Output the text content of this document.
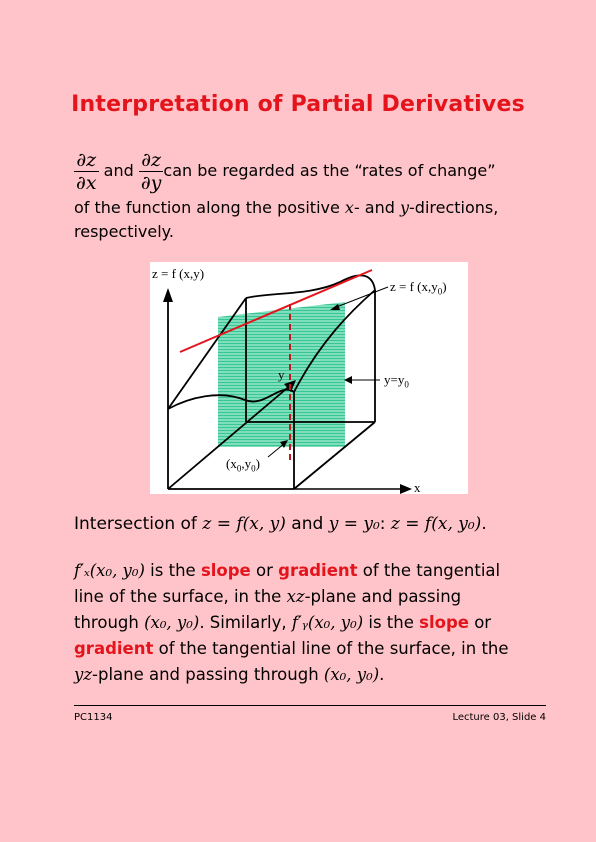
Interpretation of Partial Derivatives
$\frac{\partial z}{\partial x}$ and $\frac{\partial z}{\partial y}$ can be regarded as the “rates of change”
of the function along the positive x- and y-directions,
respectively.
z = f (x,y)
z = f $(x,y_0)$
y	$y=y_0$
$(x_0,y_0)$
x
Intersection of z = f(x, y) and y = y₀: z = f(x, y₀).
f′ₓ(x₀, y₀) is the slope or gradient of the tangential
line of the surface, in the xz-plane and passing
through (x₀, y₀). Similarly, f′ᵧ(x₀, y₀) is the slope or
gradient of the tangential line of the surface, in the
yz-plane and passing through (x₀, y₀).
PC1134	Lecture 03, Slide 4
